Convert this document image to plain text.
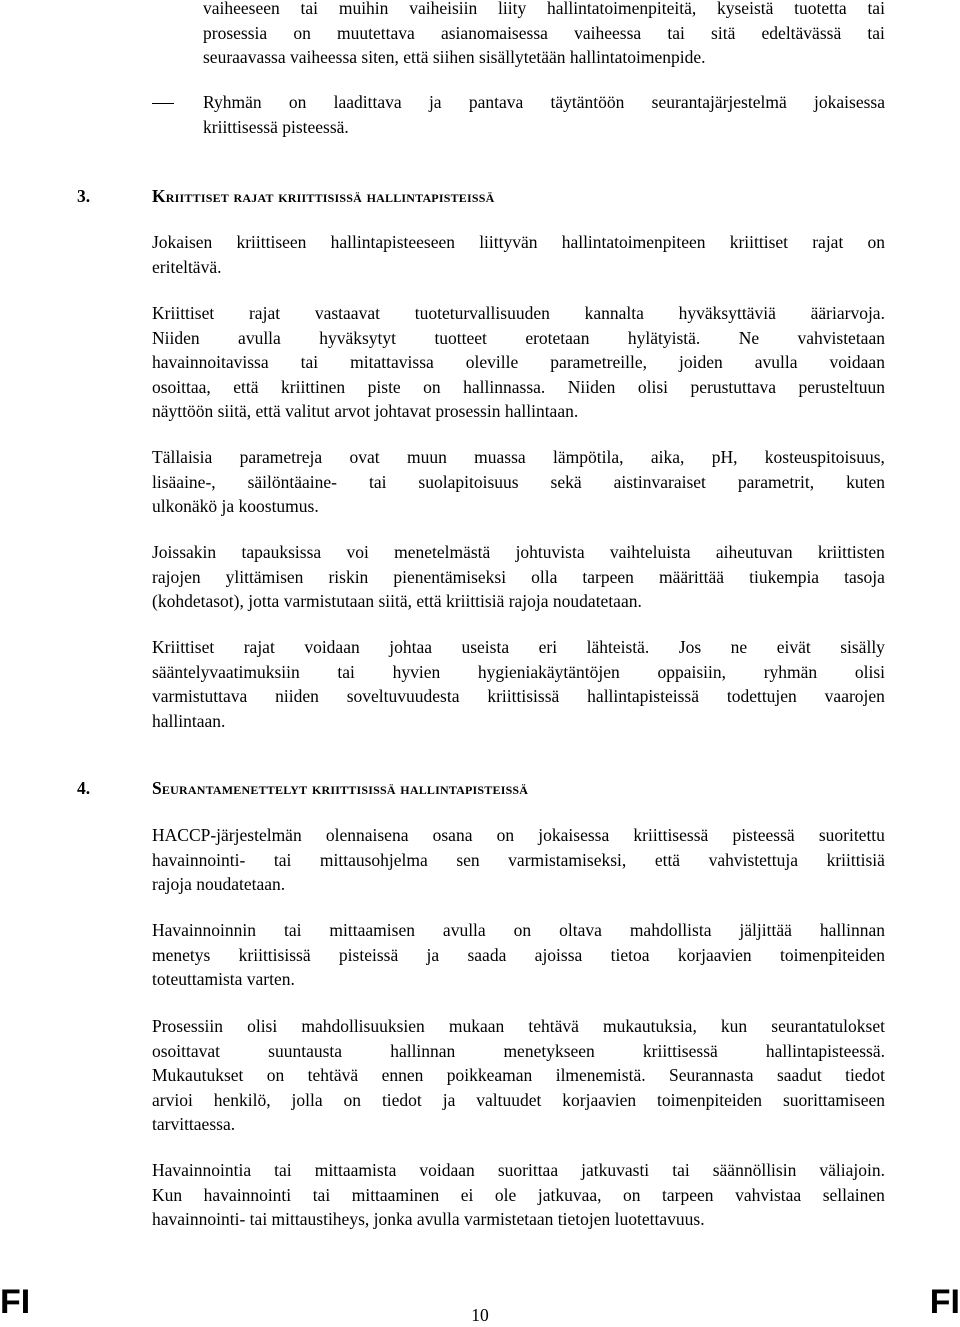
vaiheeseen tai muihin vaiheisiin liity hallintatoimenpiteitä, kyseistä tuotetta tai
prosessia on muutettava asianomaisessa vaiheessa tai sitä edeltävässä tai
seuraavassa vaiheessa siten, että siihen sisällytetään hallintatoimenpide.
Ryhmän on laadittava ja pantava täytäntöön seurantajärjestelmä jokaisessa
kriittisessä pisteessä.
3.	Kriittiset rajat kriittisissä hallintapisteissä
Jokaisen kriittiseen hallintapisteeseen liittyvän hallintatoimenpiteen kriittiset rajat on
eriteltävä.
Kriittiset rajat vastaavat tuoteturvallisuuden kannalta hyväksyttäviä ääriarvoja.
Niiden avulla hyväksytyt tuotteet erotetaan hylätyistä. Ne vahvistetaan
havainnoitavissa tai mitattavissa oleville parametreille, joiden avulla voidaan
osoittaa, että kriittinen piste on hallinnassa. Niiden olisi perustuttava perusteltuun
näyttöön siitä, että valitut arvot johtavat prosessin hallintaan.
Tällaisia parametreja ovat muun muassa lämpötila, aika, pH, kosteuspitoisuus,
lisäaine-, säilöntäaine- tai suolapitoisuus sekä aistinvaraiset parametrit, kuten
ulkonäkö ja koostumus.
Joissakin tapauksissa voi menetelmästä johtuvista vaihteluista aiheutuvan kriittisten
rajojen ylittämisen riskin pienentämiseksi olla tarpeen määrittää tiukempia tasoja
(kohdetasot), jotta varmistutaan siitä, että kriittisiä rajoja noudatetaan.
Kriittiset rajat voidaan johtaa useista eri lähteistä. Jos ne eivät sisälly
sääntelyvaatimuksiin tai hyvien hygieniakäytäntöjen oppaisiin, ryhmän olisi
varmistuttava niiden soveltuvuudesta kriittisissä hallintapisteissä todettujen vaarojen
hallintaan.
4.	Seurantamenettelyt kriittisissä hallintapisteissä
HACCP-järjestelmän olennaisena osana on jokaisessa kriittisessä pisteessä suoritettu
havainnointi- tai mittausohjelma sen varmistamiseksi, että vahvistettuja kriittisiä
rajoja noudatetaan.
Havainnoinnin tai mittaamisen avulla on oltava mahdollista jäljittää hallinnan
menetys kriittisissä pisteissä ja saada ajoissa tietoa korjaavien toimenpiteiden
toteuttamista varten.
Prosessiin olisi mahdollisuuksien mukaan tehtävä mukautuksia, kun seurantatulokset
osoittavat	suuntausta	hallinnan	menetykseen	kriittisessä	hallintapisteessä.
Mukautukset on tehtävä ennen poikkeaman ilmenemistä. Seurannasta saadut tiedot
arvioi henkilö, jolla on tiedot ja valtuudet korjaavien toimenpiteiden suorittamiseen
tarvittaessa.
Havainnointia tai mittaamista voidaan suorittaa jatkuvasti tai säännöllisin väliajoin.
Kun havainnointi tai mittaaminen ei ole jatkuvaa, on tarpeen vahvistaa sellainen
havainnointi- tai mittaustiheys, jonka avulla varmistetaan tietojen luotettavuus.
FI	10	FI
